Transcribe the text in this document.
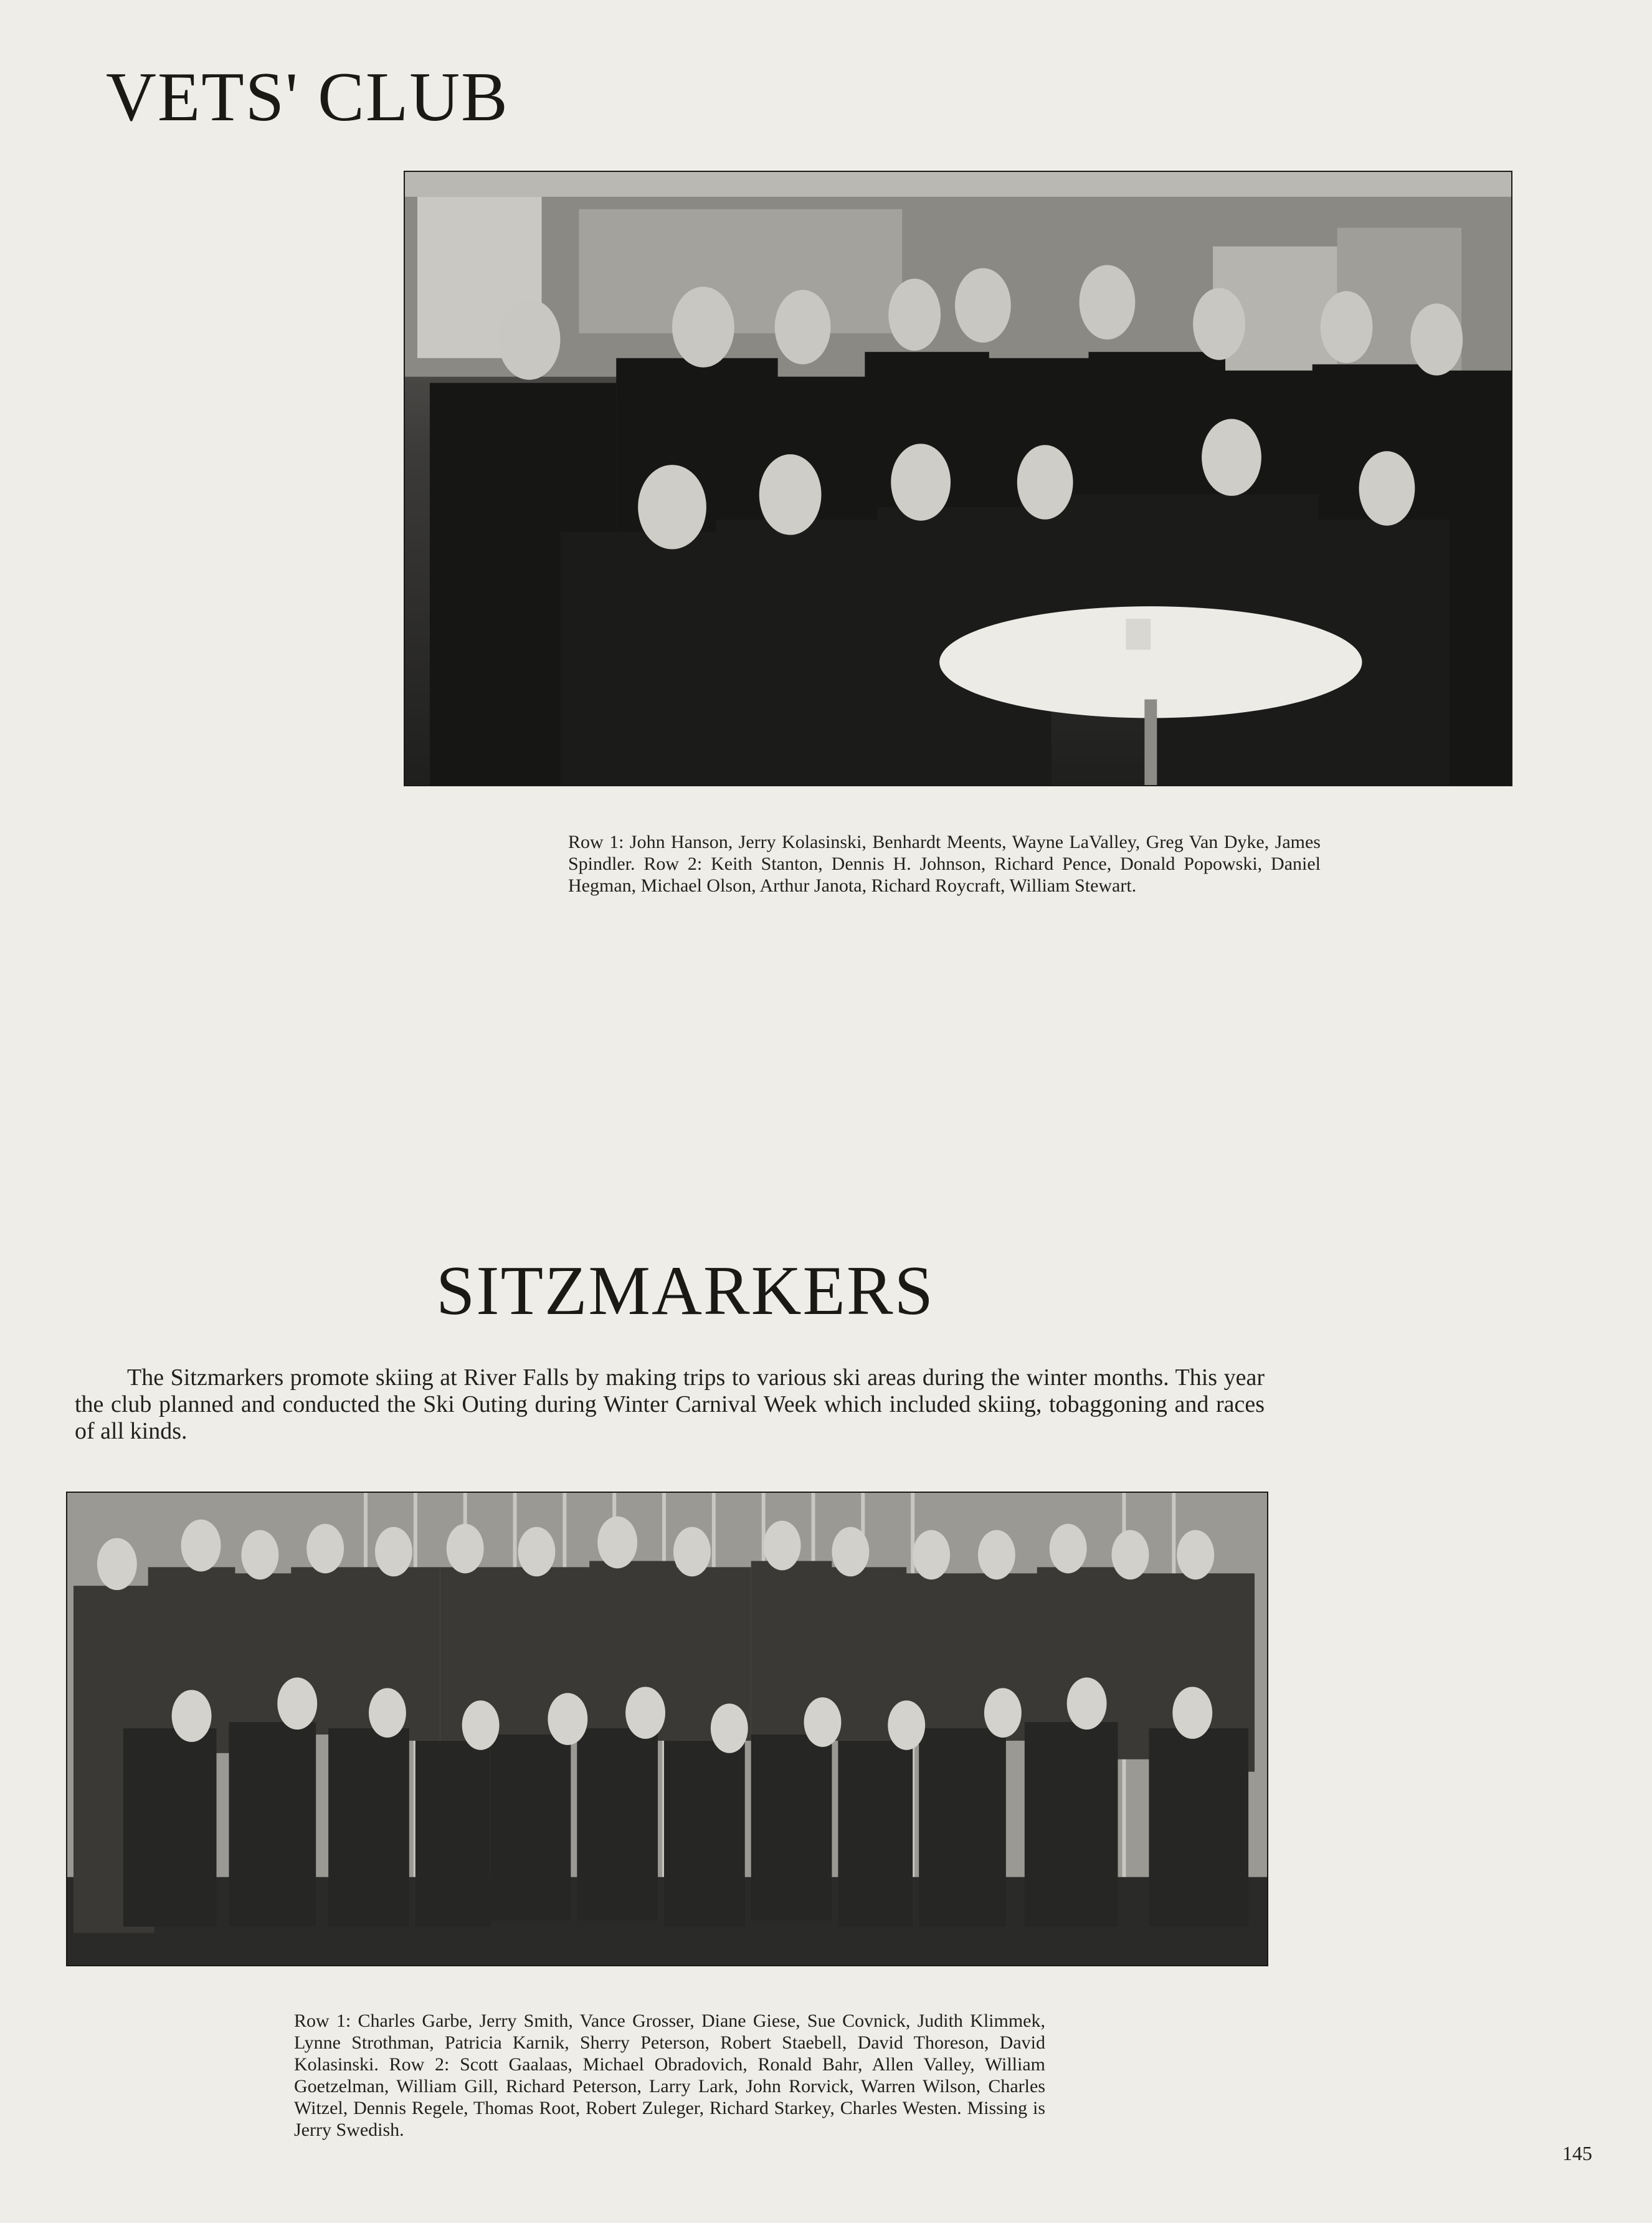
VETS' CLUB
Row 1: John Hanson, Jerry Kolasinski, Benhardt Meents, Wayne LaValley, Greg Van Dyke, James Spindler. Row 2: Keith Stanton, Dennis H. Johnson, Richard Pence, Donald Popowski, Daniel Hegman, Michael Olson, Arthur Janota, Richard Roycraft, William Stewart.
SITZMARKERS

The Sitzmarkers promote skiing at River Falls by making trips to various ski areas during the winter months. This year the club planned and conducted the Ski Outing during Winter Carnival Week which included skiing, tobaggoning and races of all kinds.

Row 1: Charles Garbe, Jerry Smith, Vance Grosser, Diane Giese, Sue Covnick, Judith Klimmek, Lynne Strothman, Patricia Karnik, Sherry Peterson, Robert Staebell, David Thoreson, David Kolasinski. Row 2: Scott Gaalaas, Michael Obradovich, Ronald Bahr, Allen Valley, William Goetzelman, William Gill, Richard Peterson, Larry Lark, John Rorvick, Warren Wilson, Charles Witzel, Dennis Regele, Thomas Root, Robert Zuleger, Richard Starkey, Charles Westen. Missing is Jerry Swedish.
145
